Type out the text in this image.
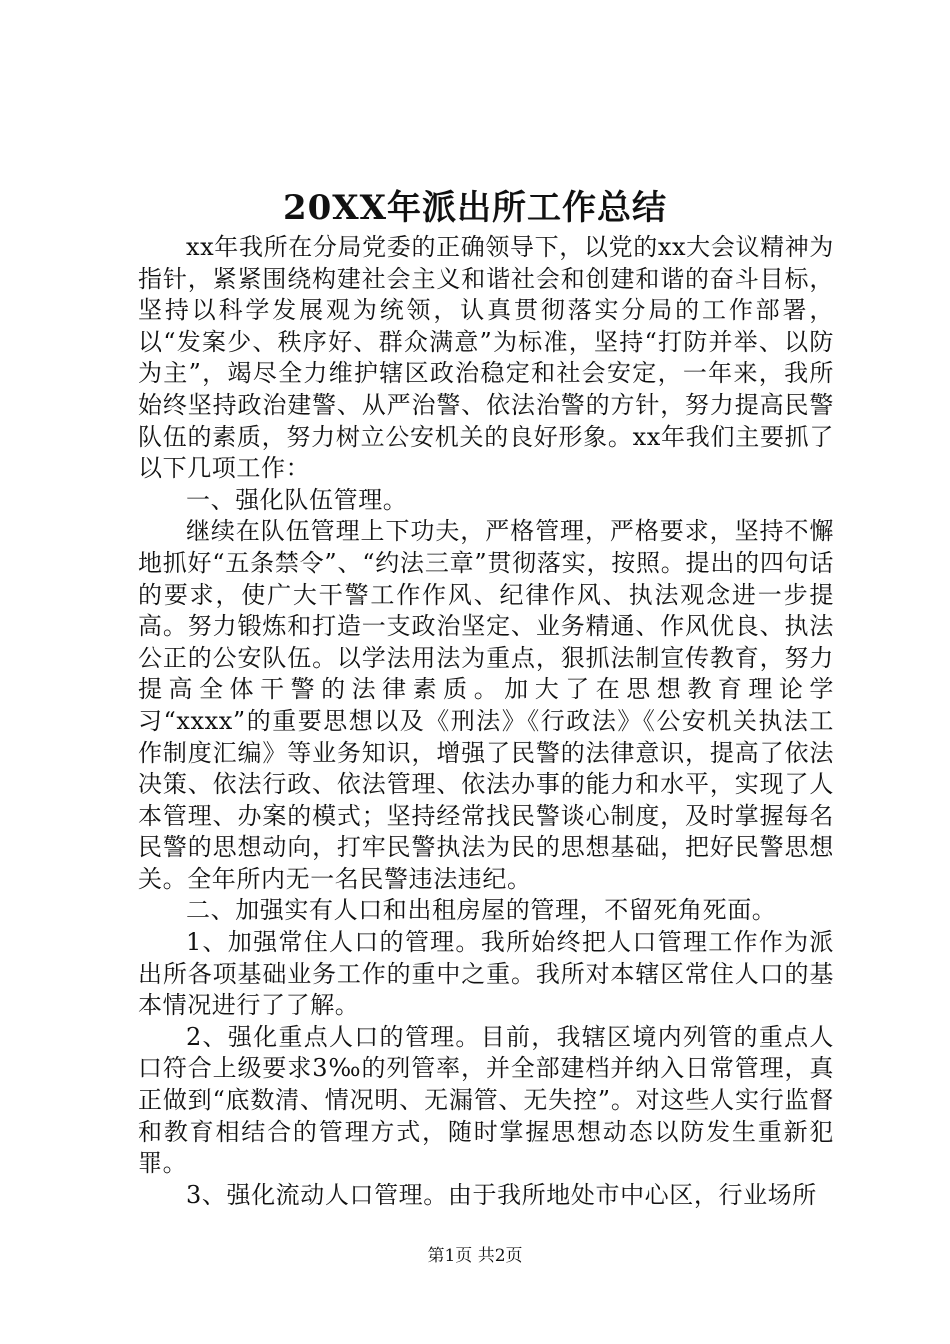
20XX年派出所工作总结

xx年我所在分局党委的正确领导下，以党的xx大会议精神为指针，紧紧围绕构建社会主义和谐社会和创建和谐的奋斗目标，坚持以科学发展观为统领，认真贯彻落实分局的工作部署，以“发案少、秩序好、群众满意”为标准，坚持“打防并举、以防为主”，竭尽全力维护辖区政治稳定和社会安定，一年来，我所始终坚持政治建警、从严治警、依法治警的方针，努力提高民警队伍的素质，努力树立公安机关的良好形象。xx年我们主要抓了以下几项工作：

一、强化队伍管理。

继续在队伍管理上下功夫，严格管理，严格要求，坚持不懈地抓好“五条禁令”、“约法三章”贯彻落实，按照。提出的四句话的要求，使广大干警工作作风、纪律作风、执法观念进一步提高。努力锻炼和打造一支政治坚定、业务精通、作风优良、执法公正的公安队伍。以学法用法为重点，狠抓法制宣传教育，努力提高全体干警的法律素质。加大了在思想教育理论学习“xxxx”的重要思想以及《刑法》《行政法》《公安机关执法工作制度汇编》等业务知识，增强了民警的法律意识，提高了依法决策、依法行政、依法管理、依法办事的能力和水平，实现了人本管理、办案的模式；坚持经常找民警谈心制度，及时掌握每名民警的思想动向，打牢民警执法为民的思想基础，把好民警思想关。全年所内无一名民警违法违纪。

二、加强实有人口和出租房屋的管理，不留死角死面。

1、加强常住人口的管理。我所始终把人口管理工作作为派出所各项基础业务工作的重中之重。我所对本辖区常住人口的基本情况进行了了解。

2、强化重点人口的管理。目前，我辖区境内列管的重点人口符合上级要求3‰的列管率，并全部建档并纳入日常管理，真正做到“底数清、情况明、无漏管、无失控”。对这些人实行监督和教育相结合的管理方式，随时掌握思想动态以防发生重新犯罪。

3、强化流动人口管理。由于我所地处市中心区，行业场所

第1页 共2页
